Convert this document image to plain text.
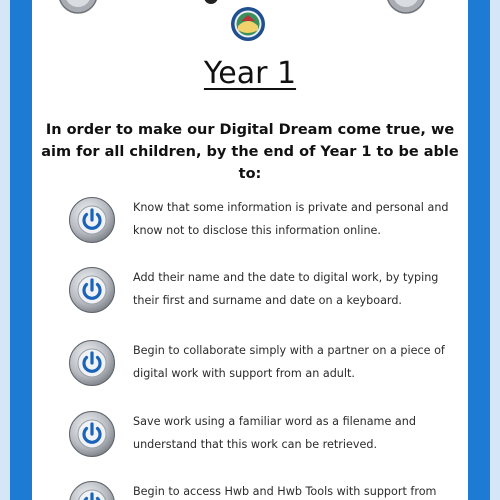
Year 1

In order to make our Digital Dream come true, we aim for all children, by the end of Year 1 to be able to:

Know that some information is private and personal and know not to disclose this information online.

Add their name and the date to digital work, by typing their first and surname and date on a keyboard.

Begin to collaborate simply with a partner on a piece of digital work with support from an adult.

Save work using a familiar word as a filename and understand that this work can be retrieved.

Begin to access Hwb and Hwb Tools with support from
